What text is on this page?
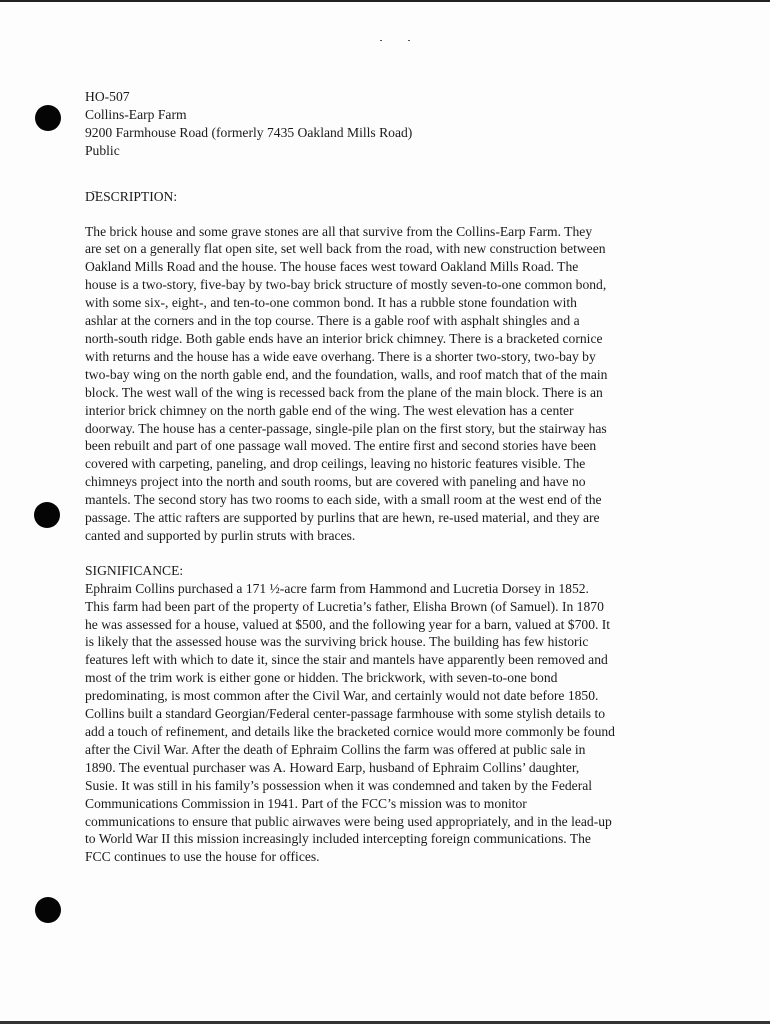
HO-507
Collins-Earp Farm
9200 Farmhouse Road (formerly 7435 Oakland Mills Road)
Public
DESCRIPTION:

The brick house and some grave stones are all that survive from the Collins-Earp Farm. They
are set on a generally flat open site, set well back from the road, with new construction between
Oakland Mills Road and the house. The house faces west toward Oakland Mills Road. The
house is a two-story, five-bay by two-bay brick structure of mostly seven-to-one common bond,
with some six-, eight-, and ten-to-one common bond. It has a rubble stone foundation with
ashlar at the corners and in the top course. There is a gable roof with asphalt shingles and a
north-south ridge. Both gable ends have an interior brick chimney. There is a bracketed cornice
with returns and the house has a wide eave overhang. There is a shorter two-story, two-bay by
two-bay wing on the north gable end, and the foundation, walls, and roof match that of the main
block. The west wall of the wing is recessed back from the plane of the main block. There is an
interior brick chimney on the north gable end of the wing. The west elevation has a center
doorway. The house has a center-passage, single-pile plan on the first story, but the stairway has
been rebuilt and part of one passage wall moved. The entire first and second stories have been
covered with carpeting, paneling, and drop ceilings, leaving no historic features visible. The
chimneys project into the north and south rooms, but are covered with paneling and have no
mantels. The second story has two rooms to each side, with a small room at the west end of the
passage. The attic rafters are supported by purlins that are hewn, re-used material, and they are
canted and supported by purlin struts with braces.

SIGNIFICANCE:

Ephraim Collins purchased a 171 ½-acre farm from Hammond and Lucretia Dorsey in 1852.
This farm had been part of the property of Lucretia’s father, Elisha Brown (of Samuel). In 1870
he was assessed for a house, valued at $500, and the following year for a barn, valued at $700. It
is likely that the assessed house was the surviving brick house. The building has few historic
features left with which to date it, since the stair and mantels have apparently been removed and
most of the trim work is either gone or hidden. The brickwork, with seven-to-one bond
predominating, is most common after the Civil War, and certainly would not date before 1850.
Collins built a standard Georgian/Federal center-passage farmhouse with some stylish details to
add a touch of refinement, and details like the bracketed cornice would more commonly be found
after the Civil War. After the death of Ephraim Collins the farm was offered at public sale in
1890. The eventual purchaser was A. Howard Earp, husband of Ephraim Collins’ daughter,
Susie. It was still in his family’s possession when it was condemned and taken by the Federal
Communications Commission in 1941. Part of the FCC’s mission was to monitor
communications to ensure that public airwaves were being used appropriately, and in the lead-up
to World War II this mission increasingly included intercepting foreign communications. The
FCC continues to use the house for offices.
